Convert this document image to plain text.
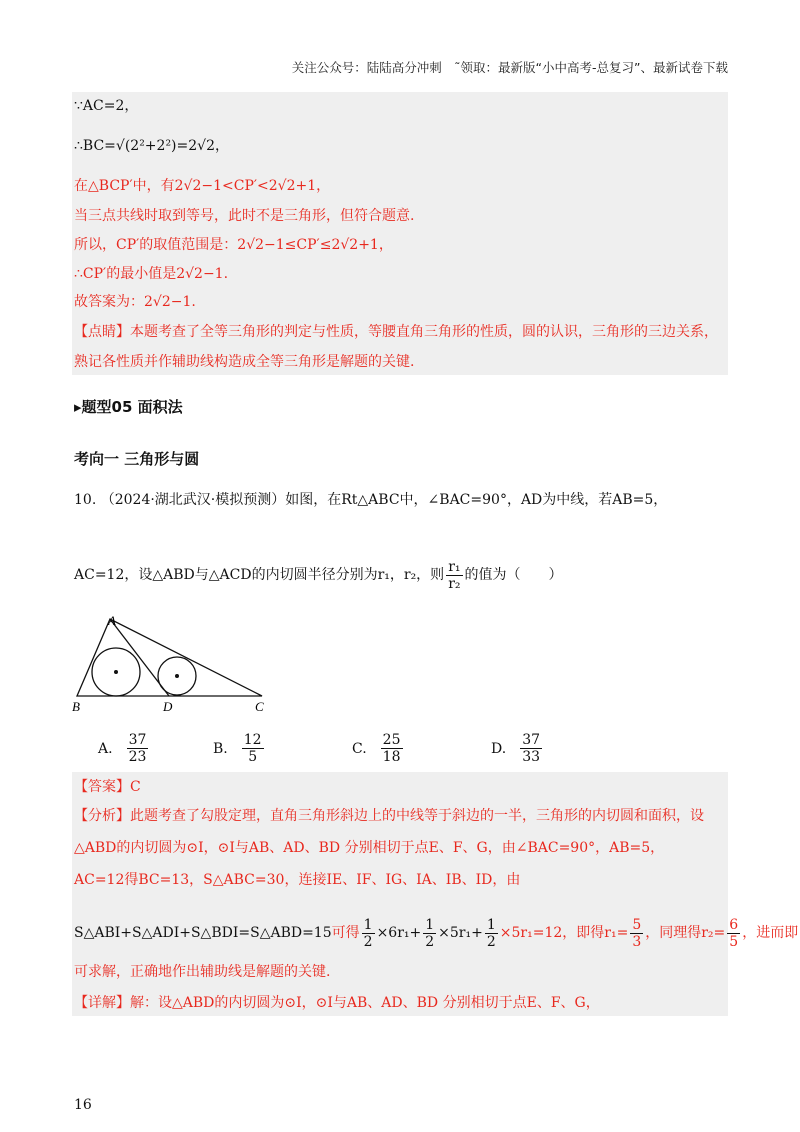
关注公众号：陆陆高分冲刺　˜领取：最新版“小中高考-总复习”、最新试卷下载
∵AC=2，
∴BC=√(2²+2²)=2√2，
在△BCP′中，有2√2−1<CP′<2√2+1，
当三点共线时取到等号，此时不是三角形，但符合题意.
所以，CP′的取值范围是：2√2−1≤CP′≤2√2+1，
∴CP′的最小值是2√2−1.
故答案为：2√2−1.
【点睛】本题考查了全等三角形的判定与性质，等腰直角三角形的性质，圆的认识，三角形的三边关系，
熟记各性质并作辅助线构造成全等三角形是解题的关键.
▸题型05 面积法
考向一 三角形与圆
10. （2024·湖北武汉·模拟预测）如图，在Rt△ABC中，∠BAC=90°，AD为中线，若AB=5，
AC=12，设△ABD与△ACD的内切圆半径分别为r₁，r₂，则 $\frac{\text{r₁}}{\text{r₂}}$ 的值为（　　）
A
B	D	C
A. $\frac{37}{23}$	B. $\frac{12}{5}$	C. $\frac{25}{18}$	D. $\frac{37}{33}$
【答案】C
【分析】此题考查了勾股定理，直角三角形斜边上的中线等于斜边的一半，三角形的内切圆和面积，设
△ABD的内切圆为⊙I，⊙I与AB、AD、BD 分别相切于点E、F、G，由∠BAC=90°，AB=5，
AC=12得BC=13，S△ABC=30，连接IE、IF、IG、IA、IB、ID，由
S△ABI+S△ADI+S△BDI=S△ABD=15可得 $\frac{1}{2} \times 6r_1+ \frac{1}{2} \times 5r_1+ \frac{1}{2} \times 5r_1=12$，即得$r_1= \frac{5}{3}$ ，同理得$r_2= \frac{6}{5}$ ，进而即
可求解，正确地作出辅助线是解题的关键.
【详解】解：设△ABD的内切圆为⊙I，⊙I与AB、AD、BD 分别相切于点E、F、G，
16
